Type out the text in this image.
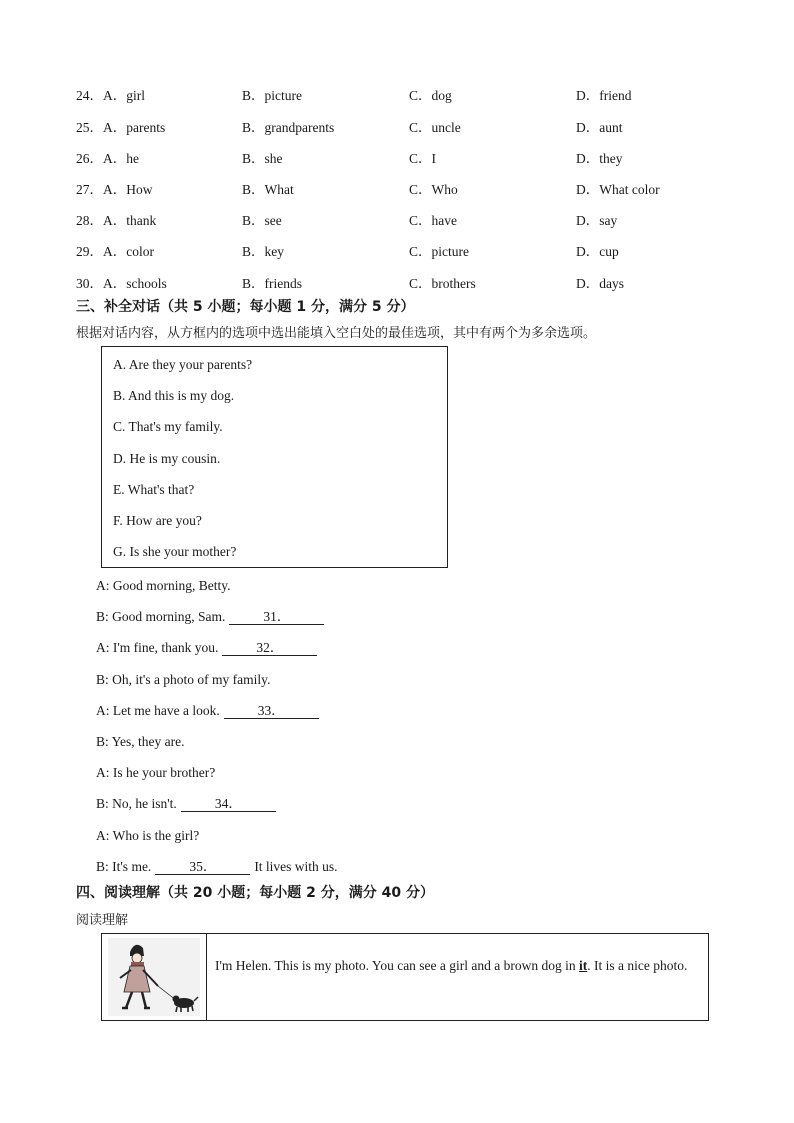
24．A．girl	B．picture	C．dog	D．friend
25．A．parents	B．grandparents	C．uncle	D．aunt
26．A．he	B．she	C．I	D．they
27．A．How	B．What	C．Who	D．What color
28．A．thank	B．see	C．have	D．say
29．A．color	B．key	C．picture	D．cup
30．A．schools	B．friends	C．brothers	D．days
三、补全对话（共 5 小题；每小题 1 分，满分 5 分）
根据对话内容，从方框内的选项中选出能填入空白处的最佳选项，其中有两个为多余选项。
A. Are they your parents?
B. And this is my dog.
C. That's my family.
D. He is my cousin.
E. What's that?
F. How are you?
G. Is she your mother?
A: Good morning, Betty.
B: Good morning, Sam.	31．
A: I'm fine, thank you.	32．
B: Oh, it's a photo of my family.
A: Let me have a look.	33．
B: Yes, they are.
A: Is he your brother?
B: No, he isn't.	34．
A: Who is the girl?
B: It's me.	35．	It lives with us.
四、阅读理解（共 20 小题；每小题 2 分，满分 40 分）
阅读理解
I'm Helen. This is my photo. You can see a girl and a brown dog in it. It is a nice photo.
